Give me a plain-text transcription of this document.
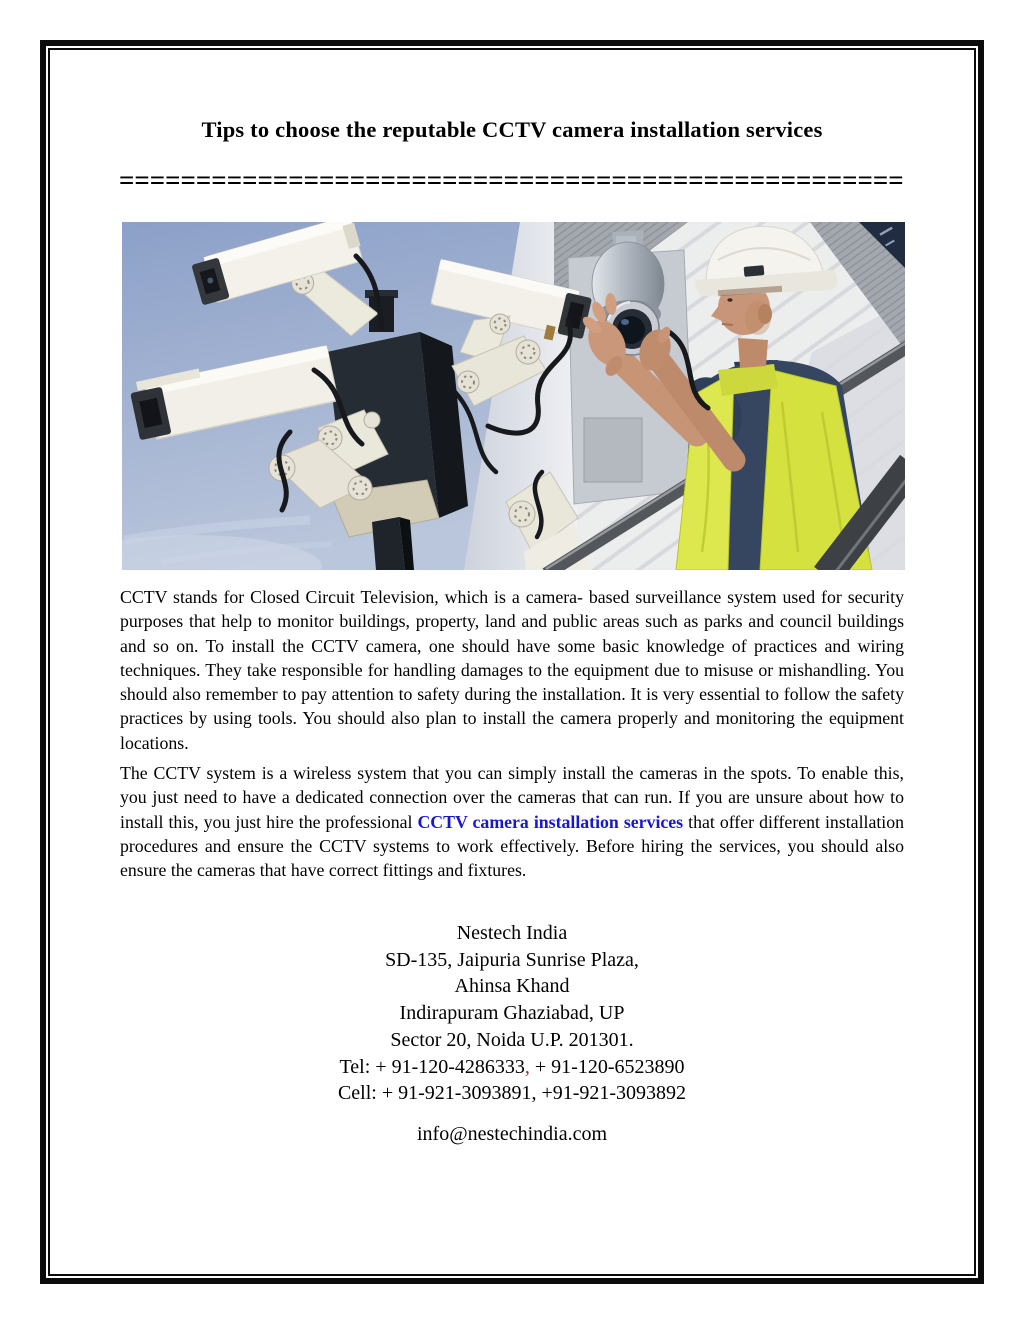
Tips to choose the reputable CCTV camera installation services
===================================================
CCTV stands for Closed Circuit Television, which is a camera- based surveillance system used for security purposes that help to monitor buildings, property, land and public areas such as parks and council buildings and so on. To install the CCTV camera, one should have some basic knowledge of practices and wiring techniques. They take responsible for handling damages to the equipment due to misuse or mishandling. You should also remember to pay attention to safety during the installation. It is very essential to follow the safety practices by using tools. You should also plan to install the camera properly and monitoring the equipment locations.
The CCTV system is a wireless system that you can simply install the cameras in the spots. To enable this, you just need to have a dedicated connection over the cameras that can run. If you are unsure about how to install this, you just hire the professional CCTV camera installation services that offer different installation procedures and ensure the CCTV systems to work effectively. Before hiring the services, you should also ensure the cameras that have correct fittings and fixtures.
Nestech India
SD-135, Jaipuria Sunrise Plaza,
Ahinsa Khand
Indirapuram Ghaziabad, UP
Sector 20, Noida U.P. 201301.
Tel: + 91-120-4286333, + 91-120-6523890
Cell: + 91-921-3093891, +91-921-3093892
info@nestechindia.com
